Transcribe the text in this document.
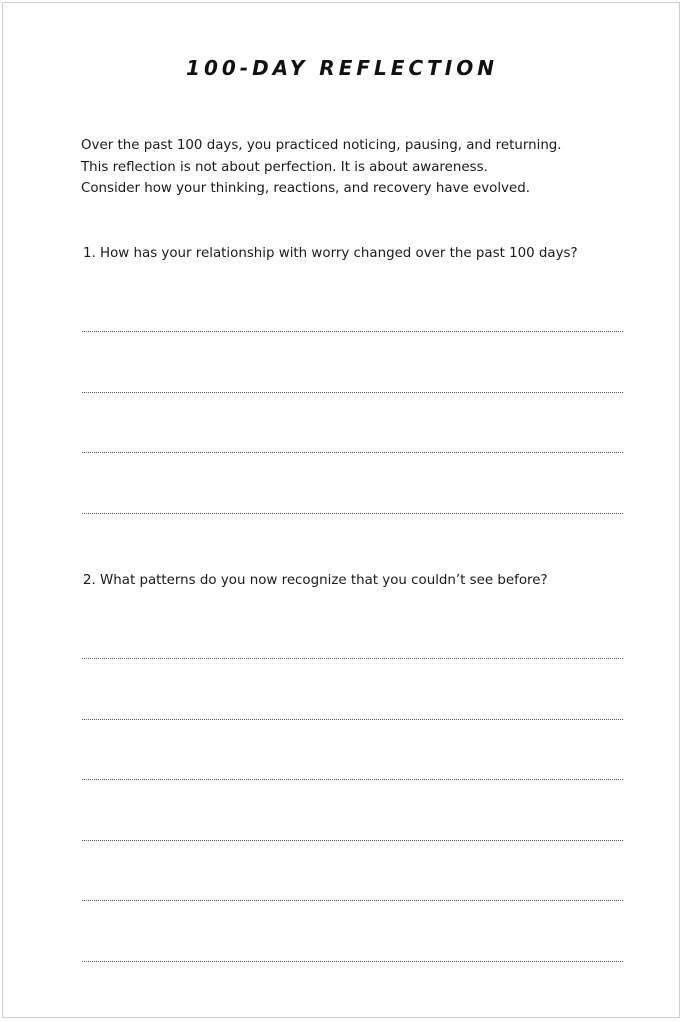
100-DAY REFLECTION

Over the past 100 days, you practiced noticing, pausing, and returning.

This reflection is not about perfection. It is about awareness.

Consider how your thinking, reactions, and recovery have evolved.

1. How has your relationship with worry changed over the past 100 days?
2. What patterns do you now recognize that you couldn’t see before?
